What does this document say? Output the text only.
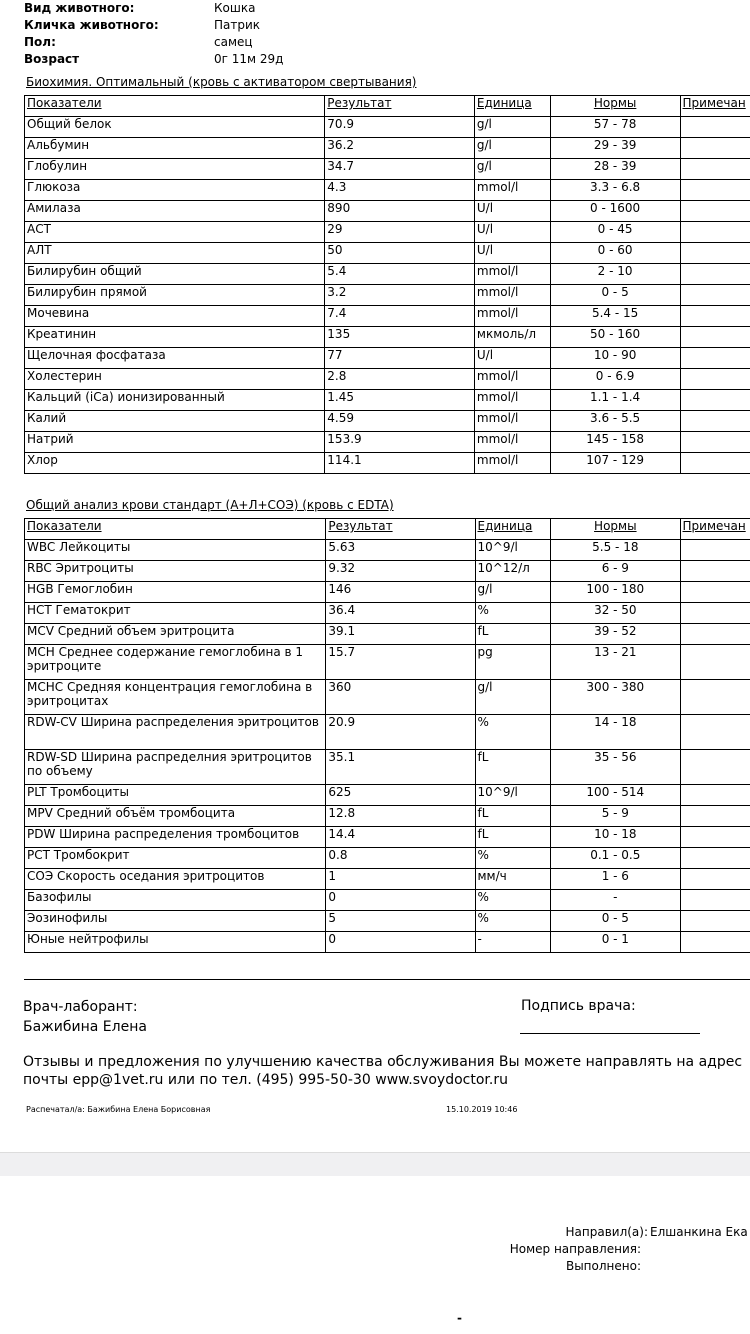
Вид животного:	Кошка
Кличка животного:	Патрик
Пол:	самец
Возраст	0г 11м 29д
Биохимия. Оптимальный (кровь с активатором свертывания)
Показатели	Результат	Единица	Нормы	Примечан
Общий белок	70.9	g/l	57 - 78	
Альбумин	36.2	g/l	29 - 39	
Глобулин	34.7	g/l	28 - 39	
Глюкоза	4.3	mmol/l	3.3 - 6.8	
Амилаза	890	U/l	0 - 1600	
АСТ	29	U/l	0 - 45	
АЛТ	50	U/l	0 - 60	
Билирубин общий	5.4	mmol/l	2 - 10	
Билирубин прямой	3.2	mmol/l	0 - 5	
Мочевина	7.4	mmol/l	5.4 - 15	
Креатинин	135	мкмоль/л	50 - 160	
Щелочная фосфатаза	77	U/l	10 - 90	
Холестерин	2.8	mmol/l	0 - 6.9	
Кальций (iCa) ионизированный	1.45	mmol/l	1.1 - 1.4	
Калий	4.59	mmol/l	3.6 - 5.5	
Натрий	153.9	mmol/l	145 - 158	
Хлор	114.1	mmol/l	107 - 129	
Общий анализ крови стандарт (А+Л+СОЭ) (кровь с EDTA)
Показатели	Результат	Единица	Нормы	Примечан
WBC Лейкоциты	5.63	10^9/l	5.5 - 18	
RBC Эритроциты	9.32	10^12/л	6 - 9	
HGB Гемоглобин	146	g/l	100 - 180	
HCT Гематокрит	36.4	%	32 - 50	
MCV Средний объем эритроцита	39.1	fL	39 - 52	
MCH Среднее содержание гемоглобина в 1 эритроците	15.7	pg	13 - 21	
MCHC Средняя концентрация гемоглобина в эритроцитах	360	g/l	300 - 380	
RDW-CV Ширина распределения эритроцитов	20.9	%	14 - 18	
RDW-SD Ширина распределния эритроцитов по объему	35.1	fL	35 - 56	
PLT Тромбоциты	625	10^9/l	100 - 514	
MPV Средний объём тромбоцита	12.8	fL	5 - 9	
PDW Ширина распределения тромбоцитов	14.4	fL	10 - 18	
PCT Тромбокрит	0.8	%	0.1 - 0.5	
СОЭ Скорость оседания эритроцитов	1	мм/ч	1 - 6	
Базофилы	0	%	-	
Эозинофилы	5	%	0 - 5	
Юные нейтрофилы	0	-	0 - 1	
Врач-лаборант:
Бажибина Елена
Подпись врача:
Отзывы и предложения по улучшению качества обслуживания Вы можете направлять на адрес
почты epp@1vet.ru или по тел. (495) 995-50-30 www.svoydoctor.ru
Распечатал/а: Бажибина Елена Борисовная	15.10.2019 10:46
Направил(а): Елшанкина Ека
Номер направления:
Выполнено:
-
